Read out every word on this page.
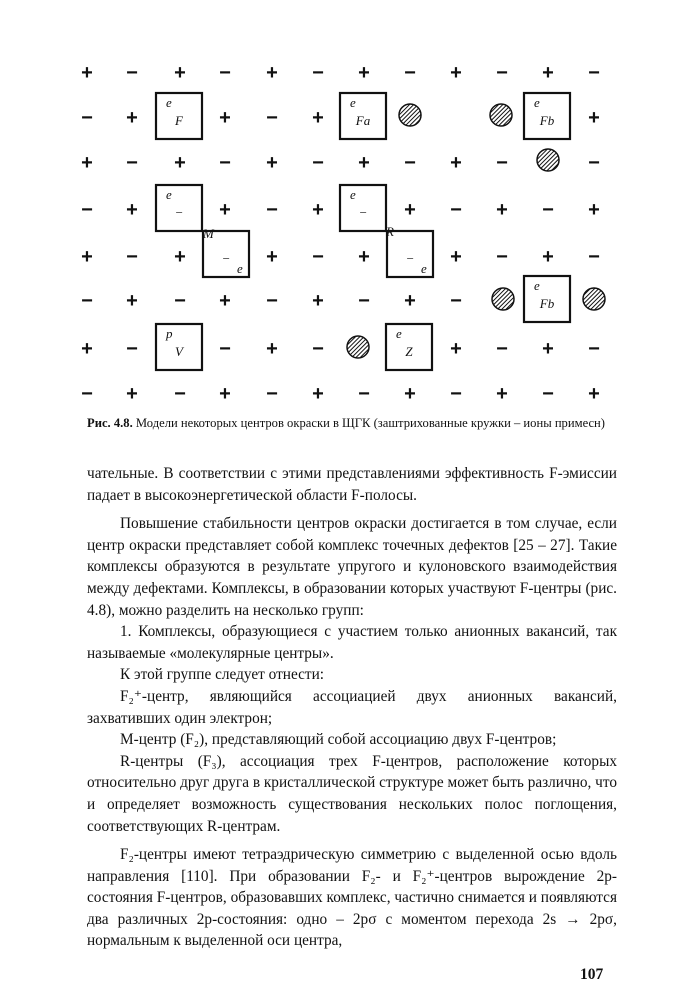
+ − + − + − + − + − + −
− +	+ − +	+
+ − + − + − + − + −	−
− +	+ − +	+ − + − +
+ − +	+ − +	+ − + −
− + − + − + − + −
+ −	− + −	+ − + −
− + − + − + − + − + − +
e
F
e
Fa
e
Fb
e
−
−
e
e
−
−
e
e
Fb
p
V
e
Z
M	R
Рис. 4.8. Модели некоторых центров окраски в ЩГК (заштрихованные кружки – ионы примесн)

чательные. В соответствии с этими представлениями эффективность F-эмиссии падает в высокоэнергетической области F-полосы.

Повышение стабильности центров окраски достигается в том случае, если центр окраски представляет собой комплекс точечных дефектов [25 – 27]. Такие комплексы образуются в результате упругого и кулоновского взаимодействия между дефектами. Комплексы, в образовании которых участвуют F-центры (рис. 4.8), можно разделить на несколько групп:

1. Комплексы, образующиеся с участием только анионных вакансий, так называемые «молекулярные центры».

К этой группе следует отнести:

F₂⁺-центр, являющийся ассоциацией двух анионных вакансий, захвативших один электрон;

М-центр (F₂), представляющий собой ассоциацию двух F-центров;

R-центры (F₃), ассоциация трех F-центров, расположение которых относительно друг друга в кристаллической структуре может быть различно, что и определяет возможность существования нескольких полос поглощения, соответствующих R-центрам.

F₂-центры имеют тетраэдрическую симметрию с выделенной осью вдоль направления [110]. При образовании F₂- и F₂⁺-центров вырождение 2p-состояния F-центров, образовавших комплекс, частично снимается и появляются два различных 2p-состояния: одно – 2pσ с моментом перехода 2s → 2pσ, нормальным к выделенной оси центра,

107
